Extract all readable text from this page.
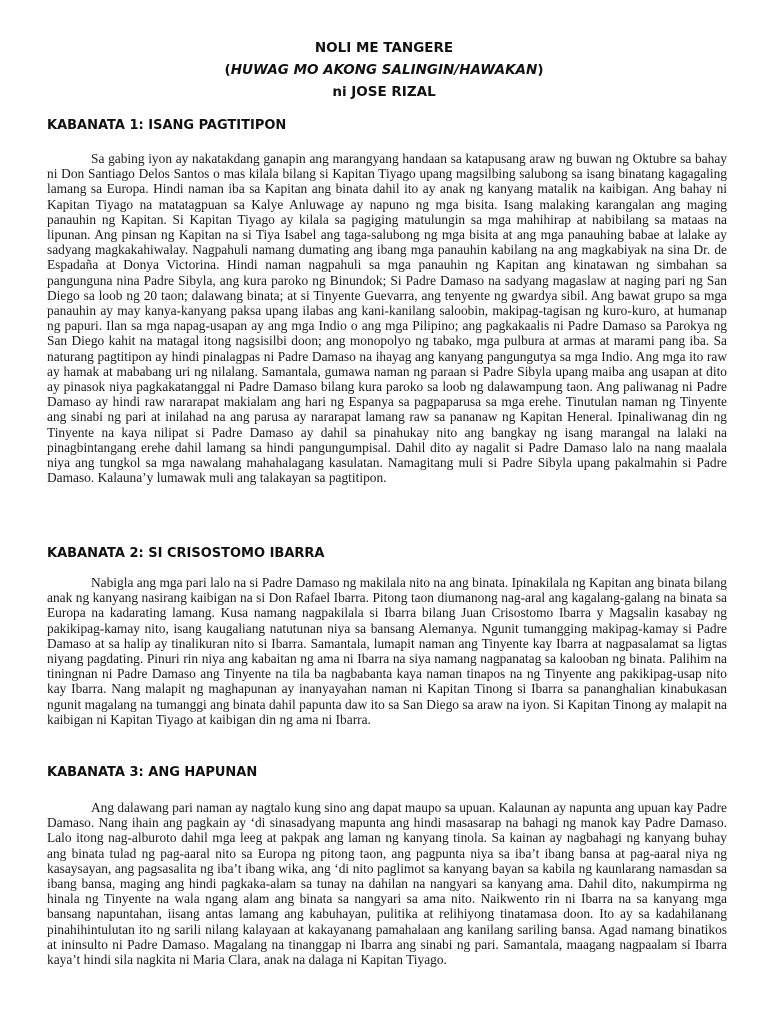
NOLI ME TANGERE
(HUWAG MO AKONG SALINGIN/HAWAKAN)
ni JOSE RIZAL
KABANATA 1: ISANG PAGTITIPON

Sa gabing iyon ay nakatakdang ganapin ang marangyang handaan sa katapusang araw ng buwan ng Oktubre sa bahay ni Don Santiago Delos Santos o mas kilala bilang si Kapitan Tiyago upang magsilbing salubong sa isang binatang kagagaling lamang sa Europa. Hindi naman iba sa Kapitan ang binata dahil ito ay anak ng kanyang matalik na kaibigan. Ang bahay ni Kapitan Tiyago na matatagpuan sa Kalye Anluwage ay napuno ng mga bisita. Isang malaking karangalan ang maging panauhin ng Kapitan. Si Kapitan Tiyago ay kilala sa pagiging matulungin sa mga mahihirap at nabibilang sa mataas na lipunan. Ang pinsan ng Kapitan na si Tiya Isabel ang taga-salubong ng mga bisita at ang mga panauhing babae at lalake ay sadyang magkakahiwalay. Nagpahuli namang dumating ang ibang mga panauhin kabilang na ang magkabiyak na sina Dr. de Espadaña at Donya Victorina. Hindi naman nagpahuli sa mga panauhin ng Kapitan ang kinatawan ng simbahan sa pangunguna nina Padre Sibyla, ang kura paroko ng Binundok; Si Padre Damaso na sadyang magaslaw at naging pari ng San Diego sa loob ng 20 taon; dalawang binata; at si Tinyente Guevarra, ang tenyente ng gwardya sibil. Ang bawat grupo sa mga panauhin ay may kanya-kanyang paksa upang ilabas ang kani-kanilang saloobin, makipag-tagisan ng kuro-kuro, at humanap ng papuri. Ilan sa mga napag-usapan ay ang mga Indio o ang mga Pilipino; ang pagkakaalis ni Padre Damaso sa Parokya ng San Diego kahit na matagal itong nagsisilbi doon; ang monopolyo ng tabako, mga pulbura at armas at marami pang iba. Sa naturang pagtitipon ay hindi pinalagpas ni Padre Damaso na ihayag ang kanyang pangungutya sa mga Indio. Ang mga ito raw ay hamak at mababang uri ng nilalang. Samantala, gumawa naman ng paraan si Padre Sibyla upang maiba ang usapan at dito ay pinasok niya pagkakatanggal ni Padre Damaso bilang kura paroko sa loob ng dalawampung taon. Ang paliwanag ni Padre Damaso ay hindi raw nararapat makialam ang hari ng Espanya sa pagpaparusa sa mga erehe. Tinutulan naman ng Tinyente ang sinabi ng pari at inilahad na ang parusa ay nararapat lamang raw sa pananaw ng Kapitan Heneral. Ipinaliwanag din ng Tinyente na kaya nilipat si Padre Damaso ay dahil sa pinahukay nito ang bangkay ng isang marangal na lalaki na pinagbintangang erehe dahil lamang sa hindi pangungumpisal. Dahil dito ay nagalit si Padre Damaso lalo na nang maalala niya ang tungkol sa mga nawalang mahahalagang kasulatan. Namagitang muli si Padre Sibyla upang pakalmahin si Padre Damaso. Kalauna’y lumawak muli ang talakayan sa pagtitipon.

KABANATA 2: SI CRISOSTOMO IBARRA

Nabigla ang mga pari lalo na si Padre Damaso ng makilala nito na ang binata. Ipinakilala ng Kapitan ang binata bilang anak ng kanyang nasirang kaibigan na si Don Rafael Ibarra. Pitong taon diumanong nag-aral ang kagalang-galang na binata sa Europa na kadarating lamang. Kusa namang nagpakilala si Ibarra bilang Juan Crisostomo Ibarra y Magsalin kasabay ng pakikipag-kamay nito, isang kaugaliang natutunan niya sa bansang Alemanya. Ngunit tumangging makipag-kamay si Padre Damaso at sa halip ay tinalikuran nito si Ibarra. Samantala, lumapit naman ang Tinyente kay Ibarra at nagpasalamat sa ligtas niyang pagdating. Pinuri rin niya ang kabaitan ng ama ni Ibarra na siya namang nagpanatag sa kalooban ng binata. Palihim na tiningnan ni Padre Damaso ang Tinyente na tila ba nagbabanta kaya naman tinapos na ng Tinyente ang pakikipag-usap nito kay Ibarra. Nang malapit ng maghapunan ay inanyayahan naman ni Kapitan Tinong si Ibarra sa pananghalian kinabukasan ngunit magalang na tumanggi ang binata dahil papunta daw ito sa San Diego sa araw na iyon. Si Kapitan Tinong ay malapit na kaibigan ni Kapitan Tiyago at kaibigan din ng ama ni Ibarra.

KABANATA 3: ANG HAPUNAN

Ang dalawang pari naman ay nagtalo kung sino ang dapat maupo sa upuan. Kalaunan ay napunta ang upuan kay Padre Damaso. Nang ihain ang pagkain ay ‘di sinasadyang mapunta ang hindi masasarap na bahagi ng manok kay Padre Damaso. Lalo itong nag-alburoto dahil mga leeg at pakpak ang laman ng kanyang tinola. Sa kainan ay nagbahagi ng kanyang buhay ang binata tulad ng pag-aaral nito sa Europa ng pitong taon, ang pagpunta niya sa iba’t ibang bansa at pag-aaral niya ng kasaysayan, ang pagsasalita ng iba’t ibang wika, ang ‘di nito paglimot sa kanyang bayan sa kabila ng kaunlarang namasdan sa ibang bansa, maging ang hindi pagkaka-alam sa tunay na dahilan na nangyari sa kanyang ama. Dahil dito, nakumpirma ng hinala ng Tinyente na wala ngang alam ang binata sa nangyari sa ama nito. Naikwento rin ni Ibarra na sa kanyang mga bansang napuntahan, iisang antas lamang ang kabuhayan, pulitika at relihiyong tinatamasa doon. Ito ay sa kadahilanang pinahihintulutan ito ng sarili nilang kalayaan at kakayanang pamahalaan ang kanilang sariling bansa. Agad namang binatikos at ininsulto ni Padre Damaso. Magalang na tinanggap ni Ibarra ang sinabi ng pari. Samantala, maagang nagpaalam si Ibarra kaya’t hindi sila nagkita ni Maria Clara, anak na dalaga ni Kapitan Tiyago.
